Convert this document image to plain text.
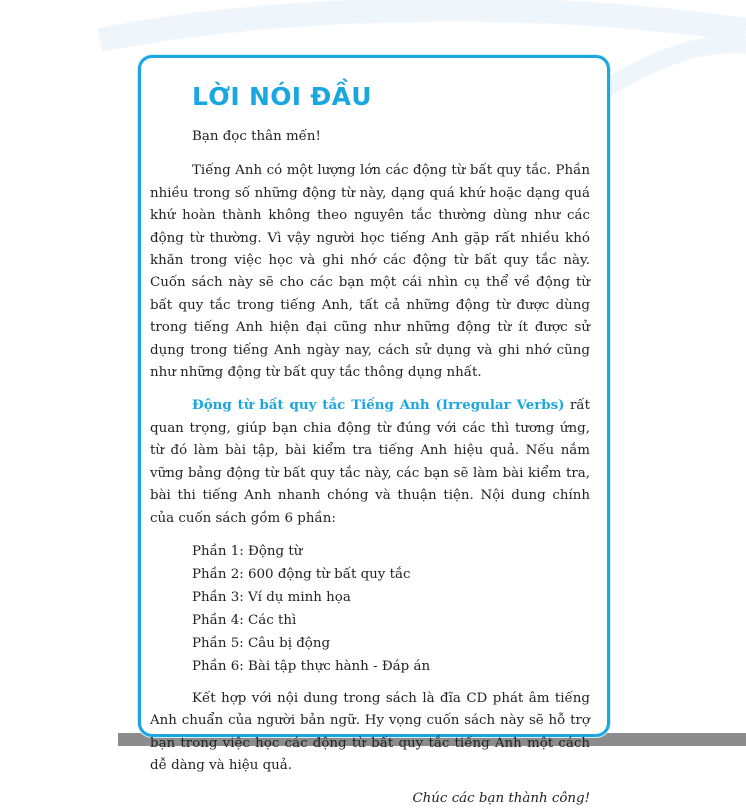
LỜI NÓI ĐẦU
Bạn đọc thân mến!
Tiếng Anh có một lượng lớn các động từ bất quy tắc. Phần nhiều trong số những động từ này, dạng quá khứ hoặc dạng quá khứ hoàn thành không theo nguyên tắc thường dùng như các động từ thường. Vì vậy người học tiếng Anh gặp rất nhiều khó khăn trong việc học và ghi nhớ các động từ bất quy tắc này. Cuốn sách này sẽ cho các bạn một cái nhìn cụ thể về động từ bất quy tắc trong tiếng Anh, tất cả những động từ được dùng trong tiếng Anh hiện đại cũng như những động từ ít được sử dụng trong tiếng Anh ngày nay, cách sử dụng và ghi nhớ cũng như những động từ bất quy tắc thông dụng nhất.
Động từ bất quy tắc Tiếng Anh (Irregular Verbs) rất quan trọng, giúp bạn chia động từ đúng với các thì tương ứng, từ đó làm bài tập, bài kiểm tra tiếng Anh hiệu quả. Nếu nắm vững bảng động từ bất quy tắc này, các bạn sẽ làm bài kiểm tra, bài thi tiếng Anh nhanh chóng và thuận tiện. Nội dung chính của cuốn sách gồm 6 phần:
Phần 1: Động từ
Phần 2: 600 động từ bất quy tắc
Phần 3: Ví dụ minh họa
Phần 4: Các thì
Phần 5: Câu bị động
Phần 6: Bài tập thực hành - Đáp án
Kết hợp với nội dung trong sách là đĩa CD phát âm tiếng Anh chuẩn của người bản ngữ. Hy vọng cuốn sách này sẽ hỗ trợ bạn trong việc học các động từ bất quy tắc tiếng Anh một cách dễ dàng và hiệu quả.
Chúc các bạn thành công!
